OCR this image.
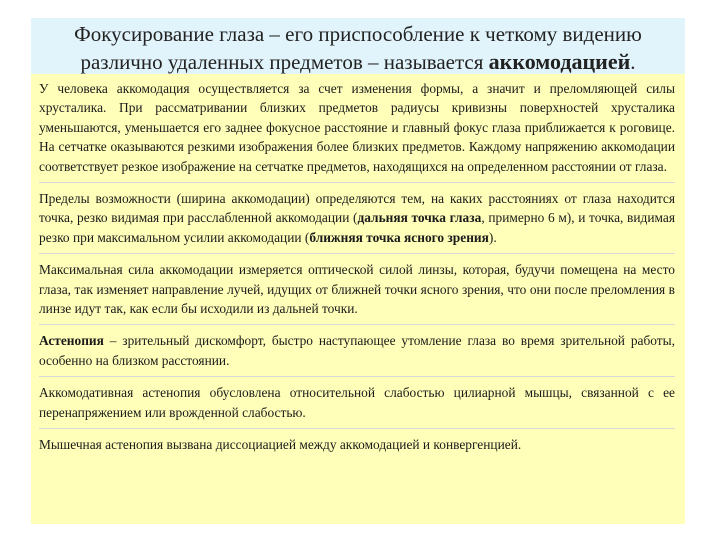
Фокусирование глаза – его приспособление к четкому видению
различно удаленных предметов – называется аккомодацией.

У человека аккомодация осуществляется за счет изменения формы, а значит и преломляющей силы хрусталика. При рассматривании близких предметов радиусы кривизны поверхностей хрусталика уменьшаются, уменьшается его заднее фокусное расстояние и главный фокус глаза приближается к роговице. На сетчатке оказываются резкими изображения более близких предметов. Каждому напряжению аккомодации соответствует резкое изображение на сетчатке предметов, находящихся на определенном расстоянии от глаза.

Пределы возможности (ширина аккомодации) определяются тем, на каких расстояниях от глаза находится точка, резко видимая при расслабленной аккомодации (дальняя точка глаза, примерно 6 м), и точка, видимая резко при максимальном усилии аккомодации (ближняя точка ясного зрения).

Максимальная сила аккомодации измеряется оптической силой линзы, которая, будучи помещена на место глаза, так изменяет направление лучей, идущих от ближней точки ясного зрения, что они после преломления в линзе идут так, как если бы исходили из дальней точки.

Астенопия – зрительный дискомфорт, быстро наступающее утомление глаза во время зрительной работы, особенно на близком расстоянии.

Аккомодативная астенопия обусловлена относительной слабостью цилиарной мышцы, связанной с ее перенапряжением или врожденной слабостью.

Мышечная астенопия вызвана диссоциацией между аккомодацией и конвергенцией.
